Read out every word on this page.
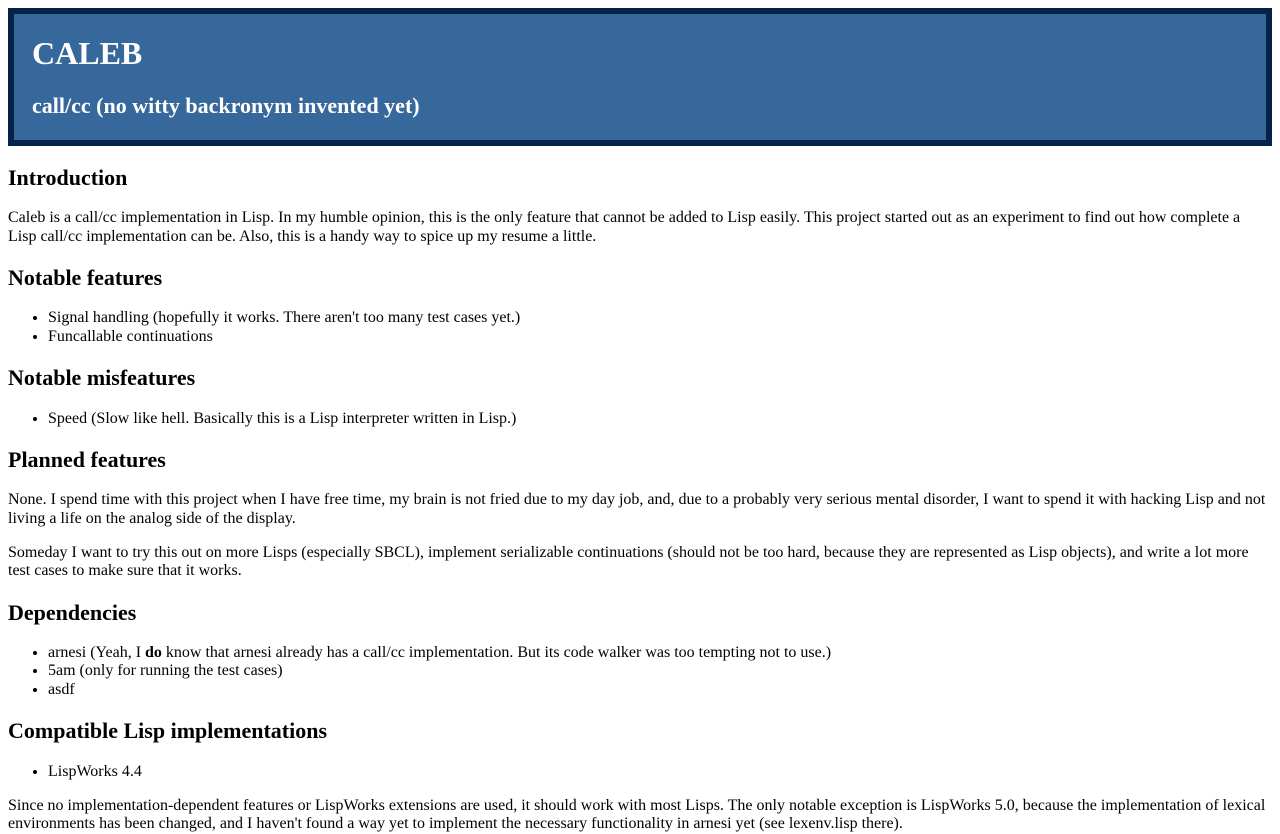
CALEB
call/cc (no witty backronym invented yet)
Introduction

Caleb is a call/cc implementation in Lisp. In my humble opinion, this is the only feature that cannot be added to Lisp easily. This project started out as an experiment to find out how complete a Lisp call/cc implementation can be. Also, this is a handy way to spice up my resume a little.

Notable features
• Signal handling (hopefully it works. There aren't too many test cases yet.)
• Funcallable continuations
Notable misfeatures
• Speed (Slow like hell. Basically this is a Lisp interpreter written in Lisp.)
Planned features

None. I spend time with this project when I have free time, my brain is not fried due to my day job, and, due to a probably very serious mental disorder, I want to spend it with hacking Lisp and not living a life on the analog side of the display.

Someday I want to try this out on more Lisps (especially SBCL), implement serializable continuations (should not be too hard, because they are represented as Lisp objects), and write a lot more test cases to make sure that it works.

Dependencies
• arnesi (Yeah, I do know that arnesi already has a call/cc implementation. But its code walker was too tempting not to use.)
• 5am (only for running the test cases)
• asdf
Compatible Lisp implementations
• LispWorks 4.4

Since no implementation-dependent features or LispWorks extensions are used, it should work with most Lisps. The only notable exception is LispWorks 5.0, because the implementation of lexical environments has been changed, and I haven't found a way yet to implement the necessary functionality in arnesi yet (see lexenv.lisp there).
